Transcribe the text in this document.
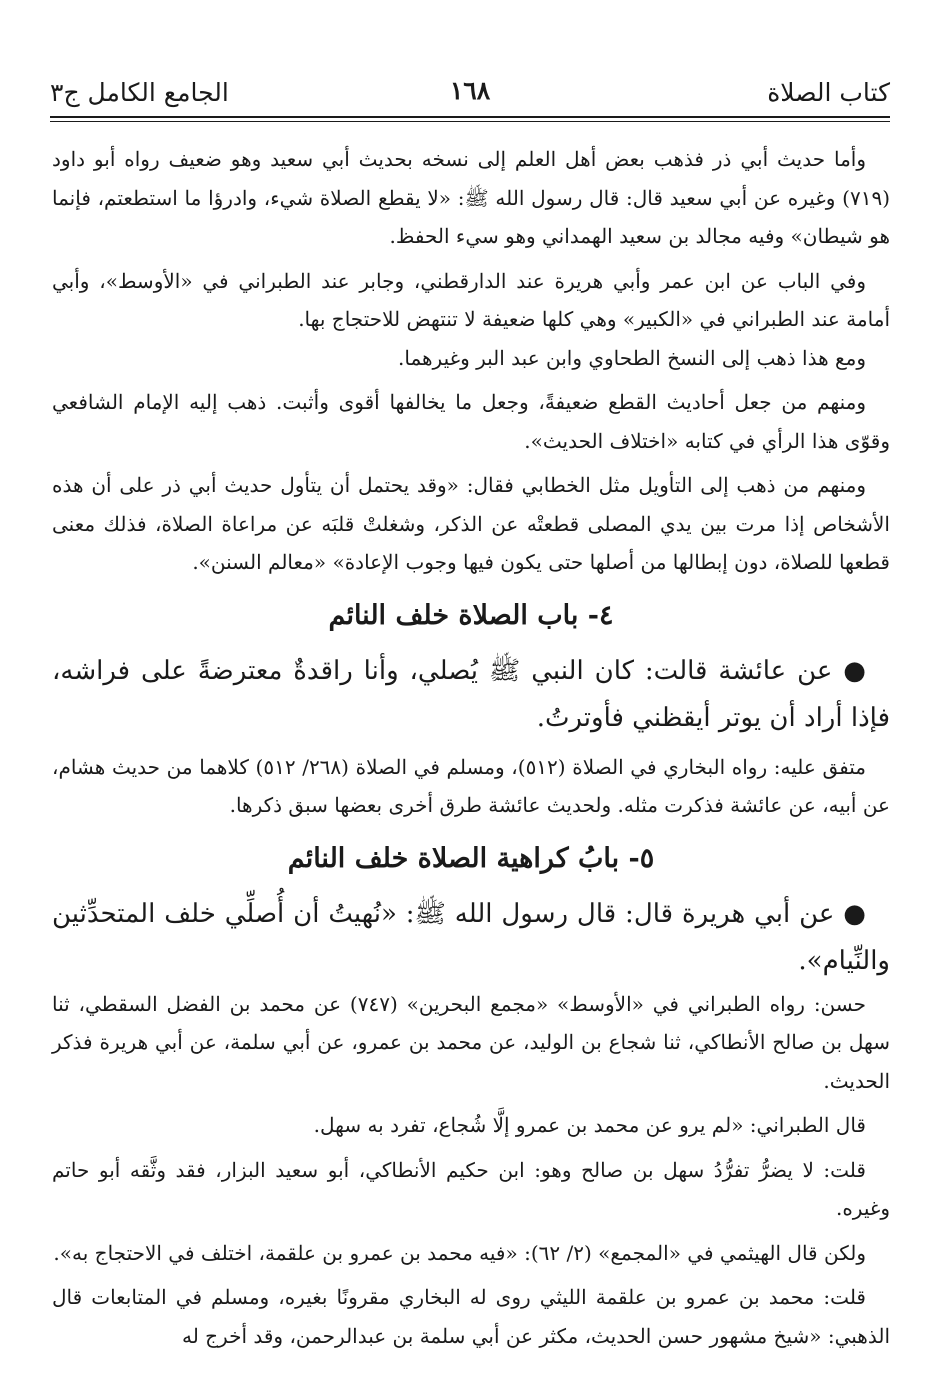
كتاب الصلاة
١٦٨
الجامع الكامل ج٣

وأما حديث أبي ذر فذهب بعض أهل العلم إلى نسخه بحديث أبي سعيد وهو ضعيف رواه أبو داود (٧١٩) وغيره عن أبي سعيد قال: قال رسول الله ﷺ: «لا يقطع الصلاة شيء، وادرؤا ما استطعتم، فإنما هو شيطان» وفيه مجالد بن سعيد الهمداني وهو سيء الحفظ.

وفي الباب عن ابن عمر وأبي هريرة عند الدارقطني، وجابر عند الطبراني في «الأوسط»، وأبي أمامة عند الطبراني في «الكبير» وهي كلها ضعيفة لا تنتهض للاحتجاج بها.

ومع هذا ذهب إلى النسخ الطحاوي وابن عبد البر وغيرهما.

ومنهم من جعل أحاديث القطع ضعيفةً، وجعل ما يخالفها أقوى وأثبت. ذهب إليه الإمام الشافعي وقوّى هذا الرأي في كتابه «اختلاف الحديث».

ومنهم من ذهب إلى التأويل مثل الخطابي فقال: «وقد يحتمل أن يتأول حديث أبي ذر على أن هذه الأشخاص إذا مرت بين يدي المصلى قطعتْه عن الذكر، وشغلتْ قلبَه عن مراعاة الصلاة، فذلك معنى قطعها للصلاة، دون إبطالها من أصلها حتى يكون فيها وجوب الإعادة» «معالم السنن».

٤- باب الصلاة خلف النائم

● عن عائشة قالت: كان النبي ﷺ يُصلي، وأنا راقدةٌ معترضةً على فراشه، فإذا أراد أن يوتر أيقظني فأوترتُ.

متفق عليه: رواه البخاري في الصلاة (٥١٢)، ومسلم في الصلاة (٢٦٨/ ٥١٢) كلاهما من حديث هشام، عن أبيه، عن عائشة فذكرت مثله. ولحديث عائشة طرق أخرى بعضها سبق ذكرها.

٥- بابُ كراهية الصلاة خلف النائم

● عن أبي هريرة قال: قال رسول الله ﷺ: «نُهيتُ أن أُصلِّي خلف المتحدِّثين والنِّيام».

حسن: رواه الطبراني في «الأوسط» «مجمع البحرين» (٧٤٧) عن محمد بن الفضل السقطي، ثنا سهل بن صالح الأنطاكي، ثنا شجاع بن الوليد، عن محمد بن عمرو، عن أبي سلمة، عن أبي هريرة فذكر الحديث.

قال الطبراني: «لم يرو عن محمد بن عمرو إلَّا شُجاع، تفرد به سهل.

قلت: لا يضرُّ تفرُّدُ سهل بن صالح وهو: ابن حكيم الأنطاكي، أبو سعيد البزار، فقد وثَّقه أبو حاتم وغيره.

ولكن قال الهيثمي في «المجمع» (٢/ ٦٢): «فيه محمد بن عمرو بن علقمة، اختلف في الاحتجاج به».

قلت: محمد بن عمرو بن علقمة الليثي روى له البخاري مقرونًا بغيره، ومسلم في المتابعات قال الذهبي: «شيخ مشهور حسن الحديث، مكثر عن أبي سلمة بن عبدالرحمن، وقد أخرج له
